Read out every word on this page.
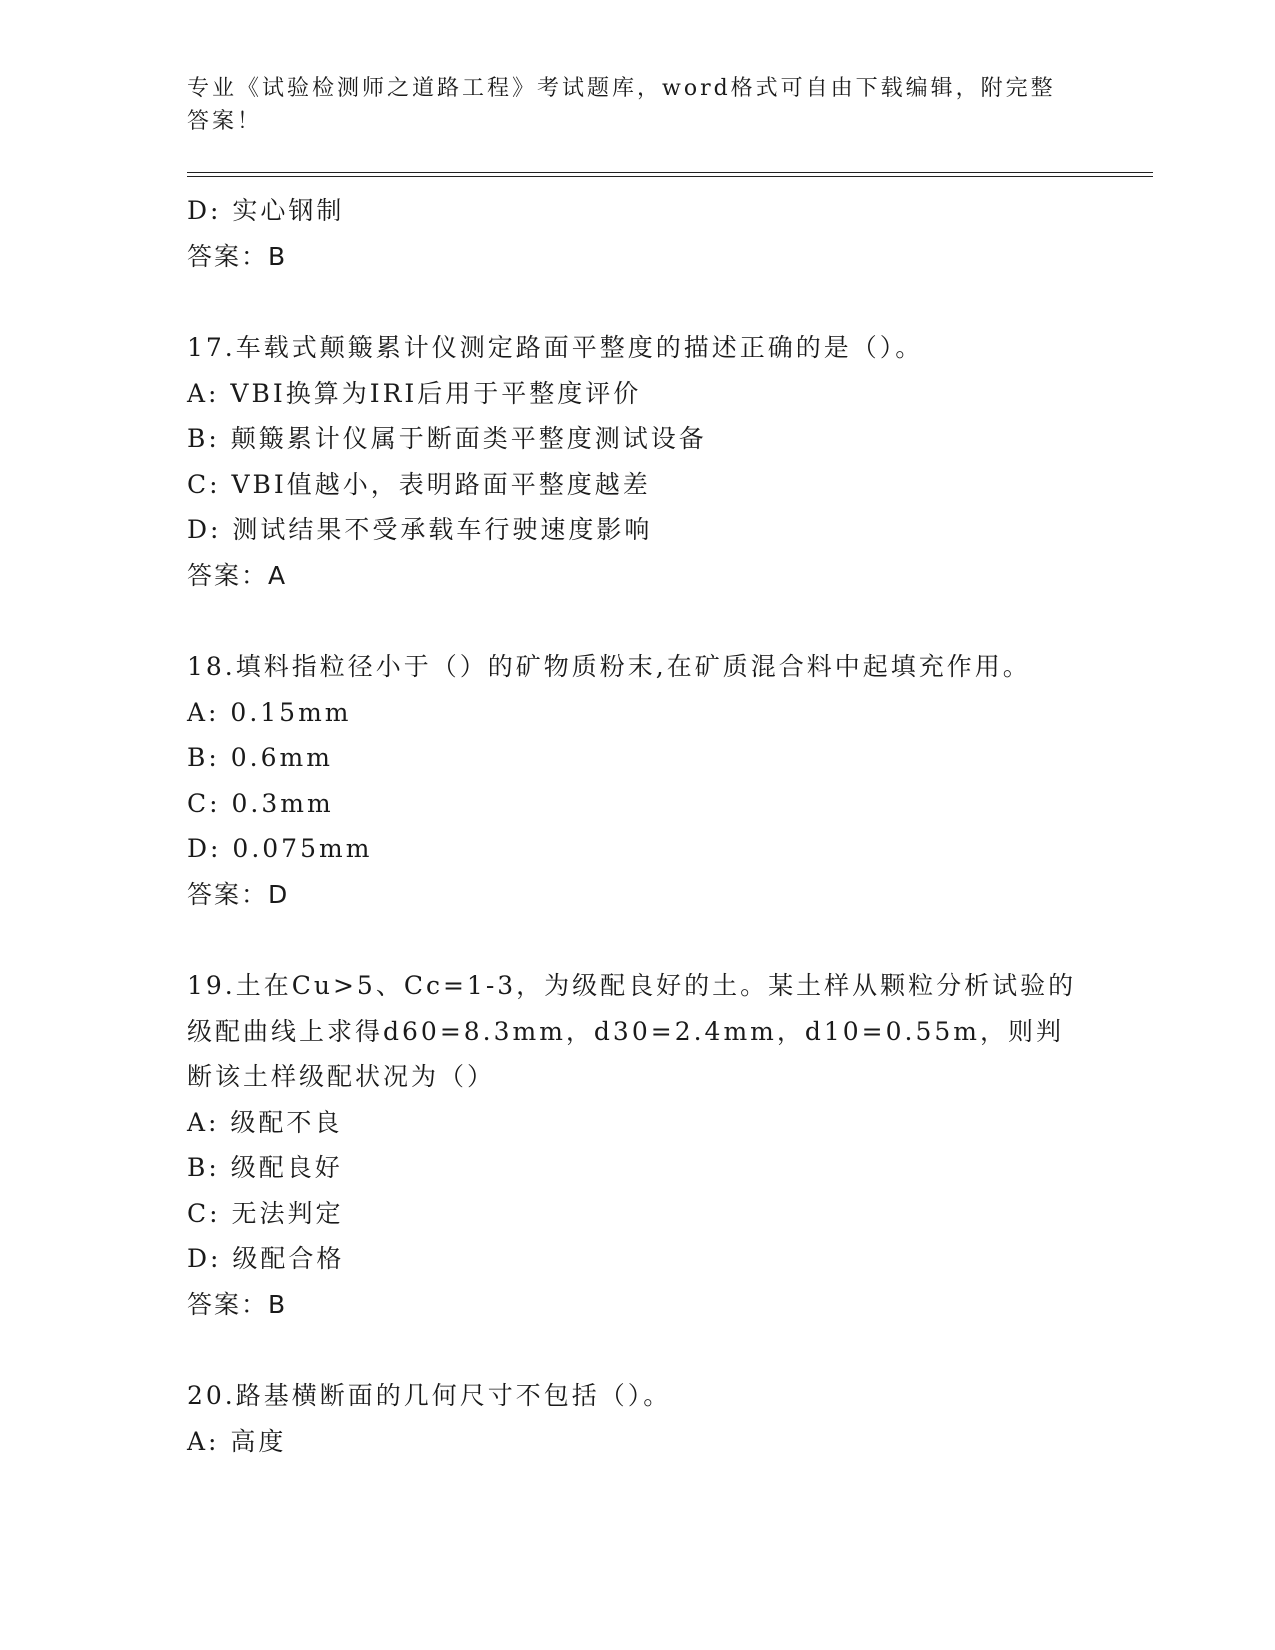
专业《试验检测师之道路工程》考试题库，word格式可自由下载编辑，附完整答案！
D: 实心钢制
答案：B
17.车载式颠簸累计仪测定路面平整度的描述正确的是（）。
A: VBI换算为IRI后用于平整度评价
B: 颠簸累计仪属于断面类平整度测试设备
C: VBI值越小，表明路面平整度越差
D: 测试结果不受承载车行驶速度影响
答案：A
18.填料指粒径小于（）的矿物质粉末,在矿质混合料中起填充作用。
A: 0.15mm
B: 0.6mm
C: 0.3mm
D: 0.075mm
答案：D
19.土在Cu>5、Cc=1-3，为级配良好的土。某土样从颗粒分析试验的级配曲线上求得d60=8.3mm，d30=2.4mm，d10=0.55m，则判断该土样级配状况为（）
A: 级配不良
B: 级配良好
C: 无法判定
D: 级配合格
答案：B
20.路基横断面的几何尺寸不包括（）。
A: 高度
